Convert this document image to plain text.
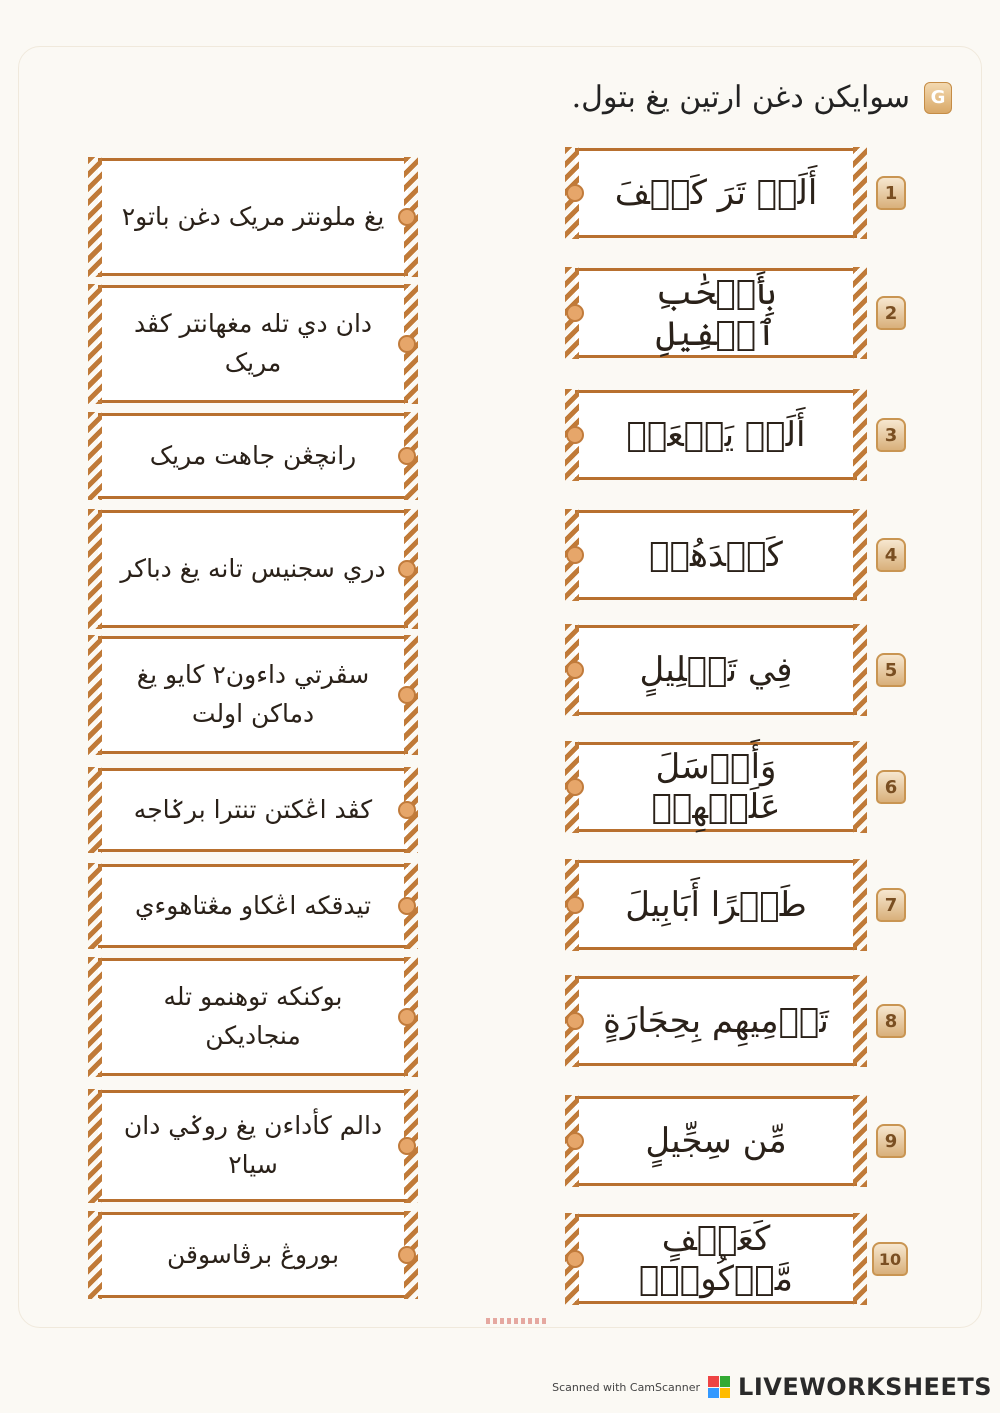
G
سوايكن دغن ارتين يغ بتول.
يغ ملونتر مريک دغن باتو۲
دان دي تله مغهانتر كڤد مريک
رانچڠن جاهت مريک
دري سجنيس تانه يغ دباكر
سڤرتي داءون۲ كايو يغ دماكن اولت
كڤد اڠكتن تنترا برݢاجه
تيدقكه اڠكاو مڠتاهوءي
بوكنكه توهنمو تله منجاديكن
دالم كأداءن يغ روݢي دان سيا۲
بوروڠ برڤاسوقن
أَلَمۡ تَرَ كَيۡفَ	1
بِأَصۡحَٰبِ ٱلۡفِيلِ
2
أَلَمۡ يَجۡعَلۡ	3
كَيۡدَهُمۡ	4
فِي تَضۡلِيلٍ	5
وَأَرۡسَلَ عَلَيۡهِمۡ	6
طَيۡرًا أَبَابِيلَ	7
تَرۡمِيهِم بِحِجَارَةٍ	8
مِّن سِجِّيلٍ	9
كَعَصۡفٍ مَّأۡكُولِۭ	10
Scanned with CamScanner LIVEWORKSHEETS
